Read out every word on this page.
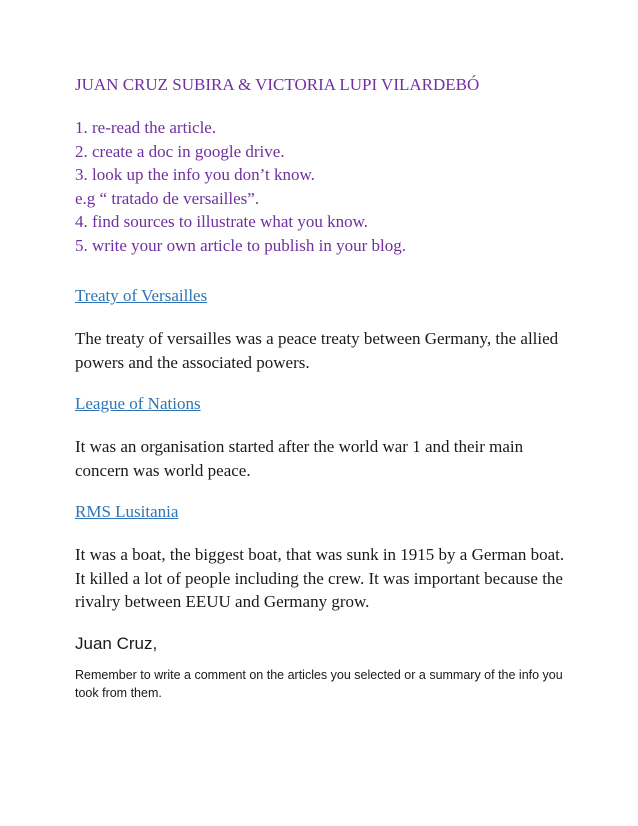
JUAN CRUZ SUBIRA & VICTORIA LUPI VILARDEBÓ
1. re-read the article.
2. create a doc in google drive.
3. look up the info you don’t know.
e.g “ tratado de versailles”.
4. find sources to illustrate what you know.
5. write your own article to publish in your blog.
Treaty of Versailles

The treaty of versailles was a peace treaty between Germany, the allied powers and the associated powers.

League of Nations

It was an organisation started after the world war 1 and their main concern was world peace.

RMS Lusitania

It was a boat, the biggest boat, that was sunk in 1915 by a German boat. It killed a lot of people including the crew. It was important because the rivalry between EEUU and Germany grow.

Juan Cruz,

Remember to write a comment on the articles you selected or a summary of the info you took from them.
